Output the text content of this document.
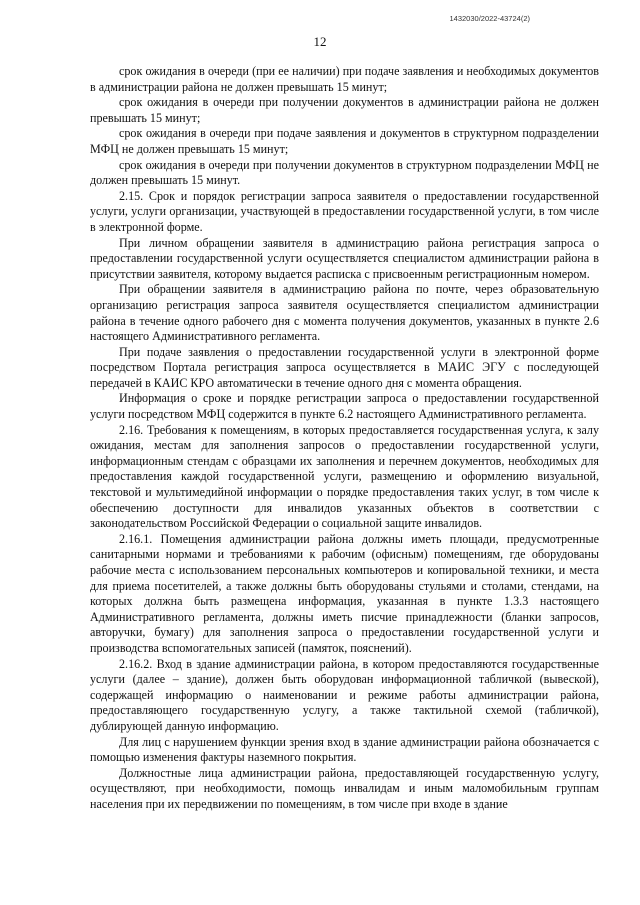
1432030/2022-43724(2)
12

срок ожидания в очереди (при ее наличии) при подаче заявления и необходимых документов в администрации района не должен превышать 15 минут;

срок ожидания в очереди при получении документов в администрации района не должен превышать 15 минут;

срок ожидания в очереди при подаче заявления и документов в структурном подразделении МФЦ не должен превышать 15 минут;

срок ожидания в очереди при получении документов в структурном подразделении МФЦ не должен превышать 15 минут.

2.15. Срок и порядок регистрации запроса заявителя о предоставлении государственной услуги, услуги организации, участвующей в предоставлении государственной услуги, в том числе в электронной форме.

При личном обращении заявителя в администрацию района регистрация запроса о предоставлении государственной услуги осуществляется специалистом администрации района в присутствии заявителя, которому выдается расписка с присвоенным регистрационным номером.

При обращении заявителя в администрацию района по почте, через образовательную организацию регистрация запроса заявителя осуществляется специалистом администрации района в течение одного рабочего дня с момента получения документов, указанных в пункте 2.6 настоящего Административного регламента.

При подаче заявления о предоставлении государственной услуги в электронной форме посредством Портала регистрация запроса осуществляется в МАИС ЭГУ с последующей передачей в КАИС КРО автоматически в течение одного дня с момента обращения.

Информация о сроке и порядке регистрации запроса о предоставлении государственной услуги посредством МФЦ содержится в пункте 6.2 настоящего Административного регламента.

2.16. Требования к помещениям, в которых предоставляется государственная услуга, к залу ожидания, местам для заполнения запросов о предоставлении государственной услуги, информационным стендам с образцами их заполнения и перечнем документов, необходимых для предоставления каждой государственной услуги, размещению и оформлению визуальной, текстовой и мультимедийной информации о порядке предоставления таких услуг, в том числе к обеспечению доступности для инвалидов указанных объектов в соответствии с законодательством Российской Федерации о социальной защите инвалидов.

2.16.1. Помещения администрации района должны иметь площади, предусмотренные санитарными нормами и требованиями к рабочим (офисным) помещениям, где оборудованы рабочие места с использованием персональных компьютеров и копировальной техники, и места для приема посетителей, а также должны быть оборудованы стульями и столами, стендами, на которых должна быть размещена информация, указанная в пункте 1.3.3 настоящего Административного регламента, должны иметь писчие принадлежности (бланки запросов, авторучки, бумагу) для заполнения запроса о предоставлении государственной услуги и производства вспомогательных записей (памяток, пояснений).

2.16.2. Вход в здание администрации района, в котором предоставляются государственные услуги (далее – здание), должен быть оборудован информационной табличкой (вывеской), содержащей информацию о наименовании и режиме работы администрации района, предоставляющего государственную услугу, а также тактильной схемой (табличкой), дублирующей данную информацию.

Для лиц с нарушением функции зрения вход в здание администрации района обозначается с помощью изменения фактуры наземного покрытия.

Должностные лица администрации района, предоставляющей государственную услугу, осуществляют, при необходимости, помощь инвалидам и иным маломобильным группам населения при их передвижении по помещениям, в том числе при входе в здание
